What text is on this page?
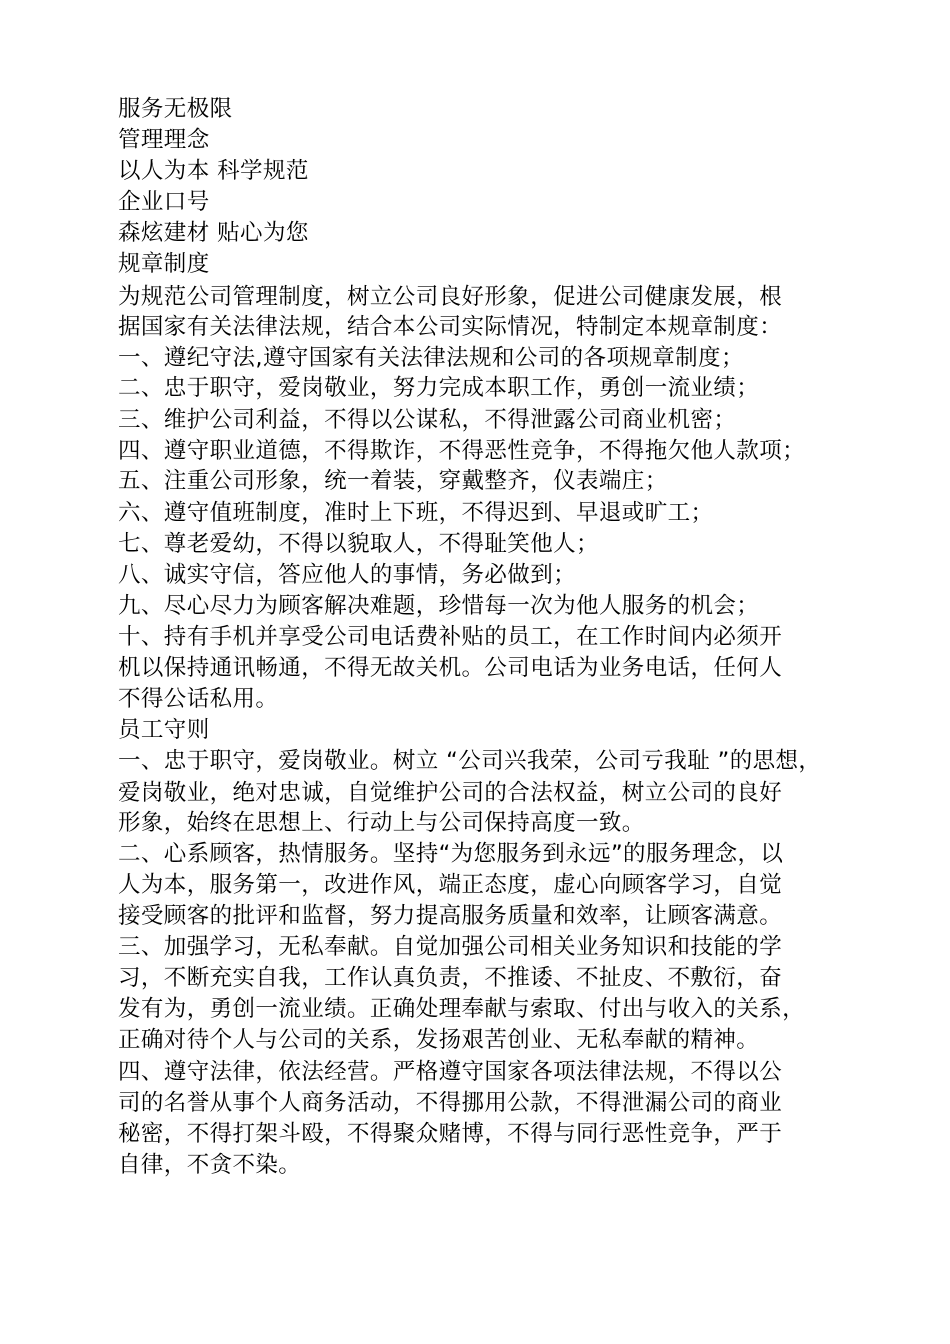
服务无极限
管理理念
以人为本 科学规范
企业口号
森炫建材 贴心为您
规章制度
为规范公司管理制度，树立公司良好形象，促进公司健康发展，根
据国家有关法律法规，结合本公司实际情况，特制定本规章制度：
一、遵纪守法,遵守国家有关法律法规和公司的各项规章制度；
二、忠于职守，爱岗敬业，努力完成本职工作，勇创一流业绩；
三、维护公司利益，不得以公谋私，不得泄露公司商业机密；
四、遵守职业道德，不得欺诈，不得恶性竞争，不得拖欠他人款项；
五、注重公司形象，统一着装，穿戴整齐，仪表端庄；
六、遵守值班制度，准时上下班，不得迟到、早退或旷工；
七、尊老爱幼，不得以貌取人，不得耻笑他人；
八、诚实守信，答应他人的事情，务必做到；
九、尽心尽力为顾客解决难题，珍惜每一次为他人服务的机会；
十、持有手机并享受公司电话费补贴的员工，在工作时间内必须开
机以保持通讯畅通，不得无故关机。公司电话为业务电话，任何人
不得公话私用。
员工守则
一、忠于职守，爱岗敬业。树立 “公司兴我荣，公司亏我耻 ”的思想，
爱岗敬业，绝对忠诚，自觉维护公司的合法权益，树立公司的良好
形象，始终在思想上、行动上与公司保持高度一致。
二、心系顾客，热情服务。坚持“为您服务到永远”的服务理念，以
人为本，服务第一，改进作风，端正态度，虚心向顾客学习，自觉
接受顾客的批评和监督，努力提高服务质量和效率，让顾客满意。
三、加强学习，无私奉献。自觉加强公司相关业务知识和技能的学
习，不断充实自我，工作认真负责，不推诿、不扯皮、不敷衍，奋
发有为，勇创一流业绩。正确处理奉献与索取、付出与收入的关系，
正确对待个人与公司的关系，发扬艰苦创业、无私奉献的精神。
四、遵守法律，依法经营。严格遵守国家各项法律法规，不得以公
司的名誉从事个人商务活动，不得挪用公款，不得泄漏公司的商业
秘密，不得打架斗殴，不得聚众赌博，不得与同行恶性竞争，严于
自律，不贪不染。
